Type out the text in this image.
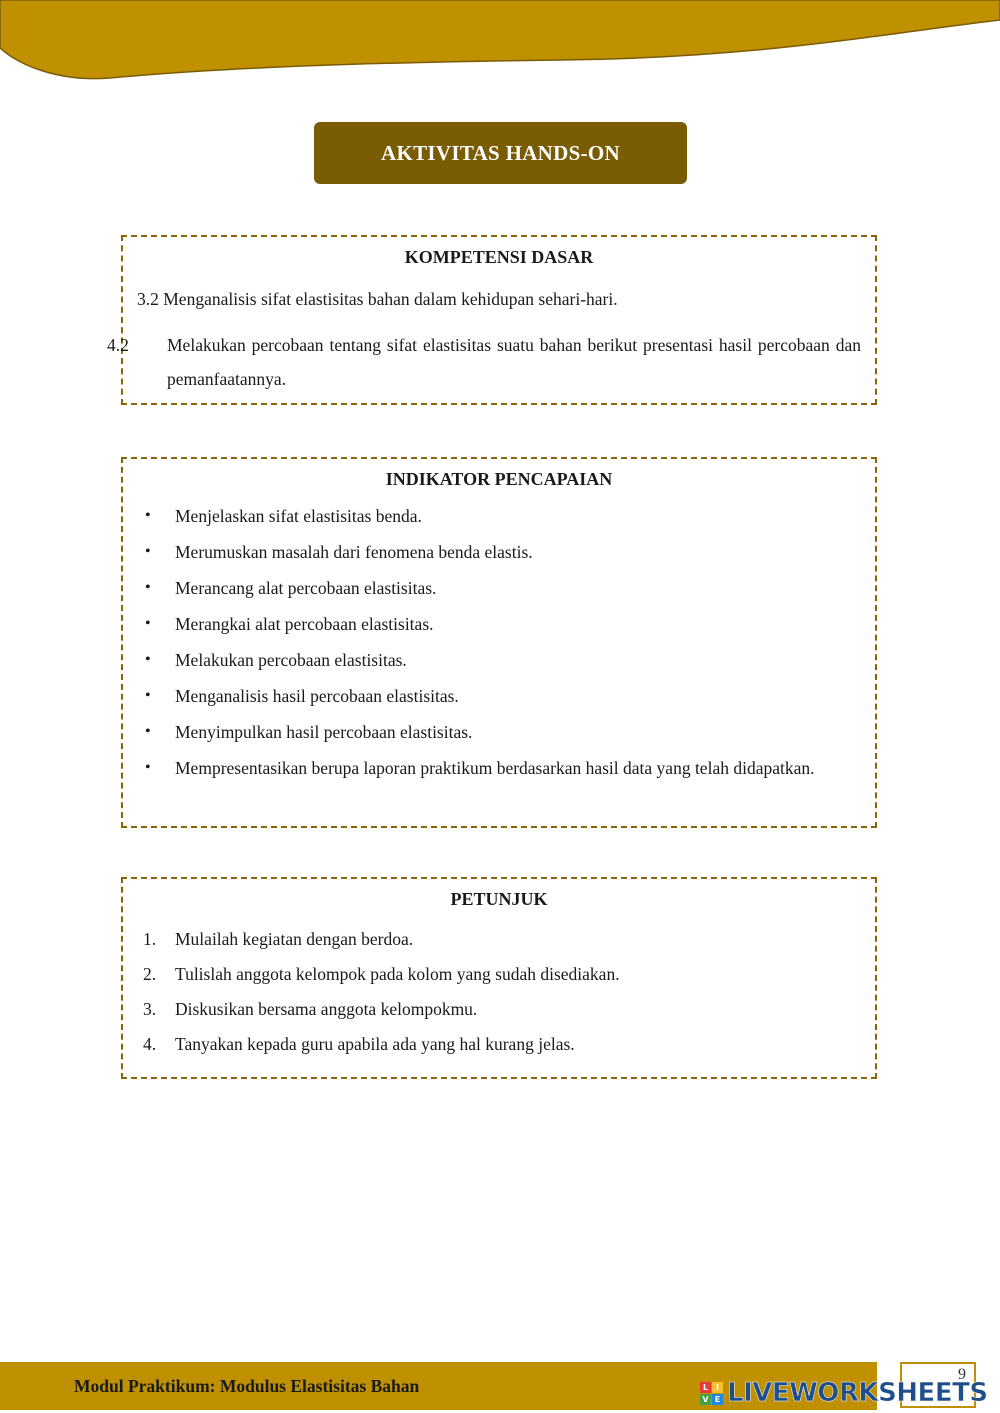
AKTIVITAS HANDS-ON
KOMPETENSI DASAR
3.2 Menganalisis sifat elastisitas bahan dalam kehidupan sehari-hari.
4.2 Melakukan percobaan tentang sifat elastisitas suatu bahan berikut presentasi hasil percobaan dan pemanfaatannya.
INDIKATOR PENCAPAIAN
• Menjelaskan sifat elastisitas benda.
• Merumuskan masalah dari fenomena benda elastis.
• Merancang alat percobaan elastisitas.
• Merangkai alat percobaan elastisitas.
• Melakukan percobaan elastisitas.
• Menganalisis hasil percobaan elastisitas.
• Menyimpulkan hasil percobaan elastisitas.
• Mempresentasikan berupa laporan praktikum berdasarkan hasil data yang telah didapatkan.
PETUNJUK
1. Mulailah kegiatan dengan berdoa.
2. Tulislah anggota kelompok pada kolom yang sudah disediakan.
3. Diskusikan bersama anggota kelompokmu.
4. Tanyakan kepada guru apabila ada yang hal kurang jelas.
Modul Praktikum: Modulus Elastisitas Bahan
9
L I
V E LIVEWORKSHEETS
